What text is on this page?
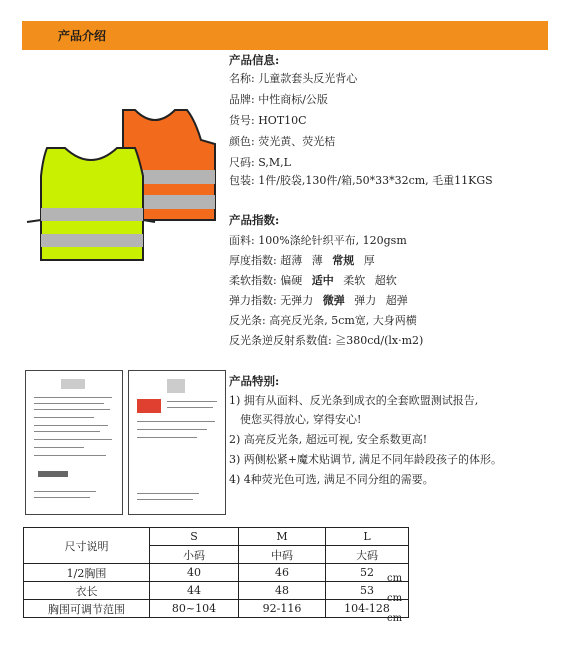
产品介绍
产品信息:
名称: 儿童款套头反光背心
品牌: 中性商标/公版
货号: HOT10C
颜色: 荧光黄、荧光桔
尺码: S,M,L
包装: 1件/胶袋,130件/箱,50*33*32cm, 毛重11KGS
产品指数:
面料: 100%涤纶针织平布, 120gsm
厚度指数: 超薄 薄 常规 厚
柔软指数: 偏硬 适中 柔软 超软
弹力指数: 无弹力 微弹 弹力 超弹
反光条: 高亮反光条, 5cm宽, 大身两横
反光条逆反射系数值: ≧380cd/(lx·m2)
产品特别:
1) 拥有从面料、反光条到成衣的全套欧盟测试报告,
使您买得放心, 穿得安心!
2) 高亮反光条, 超远可视, 安全系数更高!
3) 两侧松紧+魔术贴调节, 满足不同年龄段孩子的体形。
4) 4种荧光色可选, 满足不同分组的需要。
尺寸说明	S	M	L
	小码	中码	大码
1/2胸围	40	46	52
衣长	44	48	53
胸围可调节范围	80~104	92-116	104-128
cm
cm
cm
